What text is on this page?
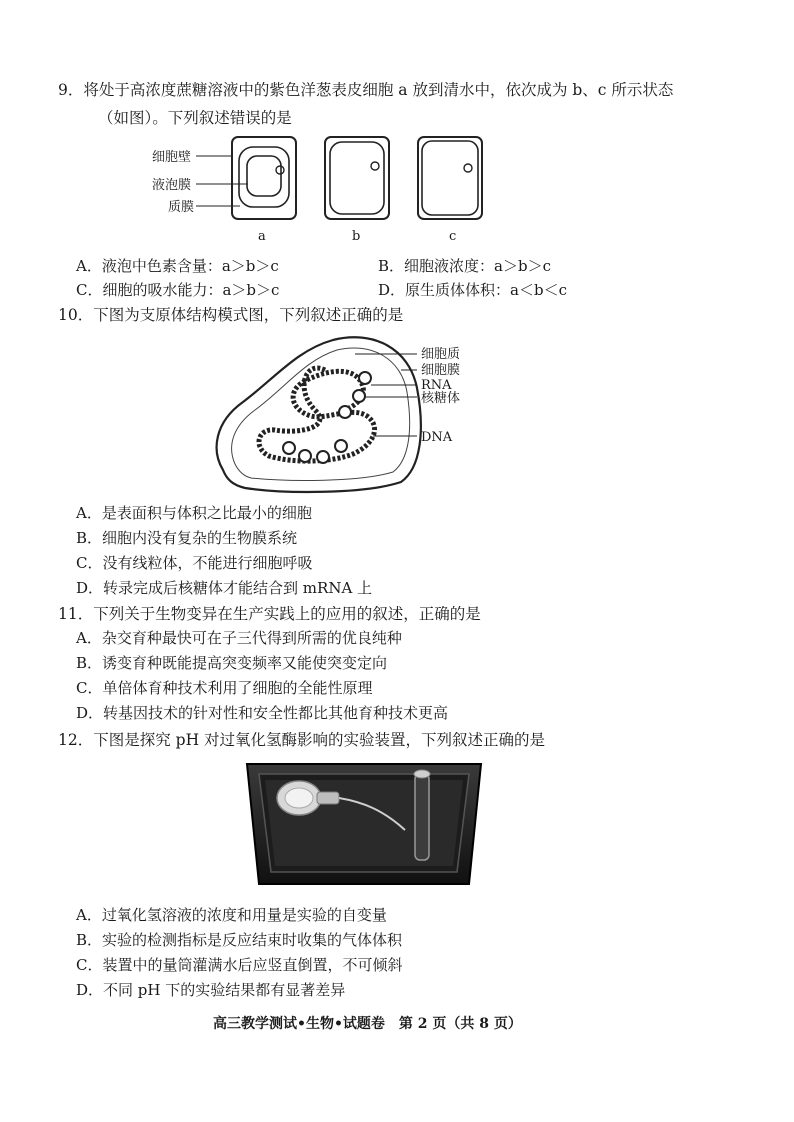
9．将处于高浓度蔗糖溶液中的紫色洋葱表皮细胞 a 放到清水中，依次成为 b、c 所示状态
（如图）。下列叙述错误的是
细胞壁
液泡膜
质膜
a	b	c
A．液泡中色素含量：a＞b＞c	B．细胞液浓度：a＞b＞c
C．细胞的吸水能力：a＞b＞c	D．原生质体体积：a＜b＜c
10．下图为支原体结构模式图，下列叙述正确的是
细胞质
细胞膜
RNA
核糖体
DNA
A．是表面积与体积之比最小的细胞
B．细胞内没有复杂的生物膜系统
C．没有线粒体，不能进行细胞呼吸
D．转录完成后核糖体才能结合到 mRNA 上
11．下列关于生物变异在生产实践上的应用的叙述，正确的是
A．杂交育种最快可在子三代得到所需的优良纯种
B．诱变育种既能提高突变频率又能使突变定向
C．单倍体育种技术利用了细胞的全能性原理
D．转基因技术的针对性和安全性都比其他育种技术更高
12．下图是探究 pH 对过氧化氢酶影响的实验装置，下列叙述正确的是
A．过氧化氢溶液的浓度和用量是实验的自变量
B．实验的检测指标是反应结束时收集的气体体积
C．装置中的量筒灌满水后应竖直倒置，不可倾斜
D．不同 pH 下的实验结果都有显著差异
高三教学测试•生物•试题卷　第 2 页（共 8 页）
